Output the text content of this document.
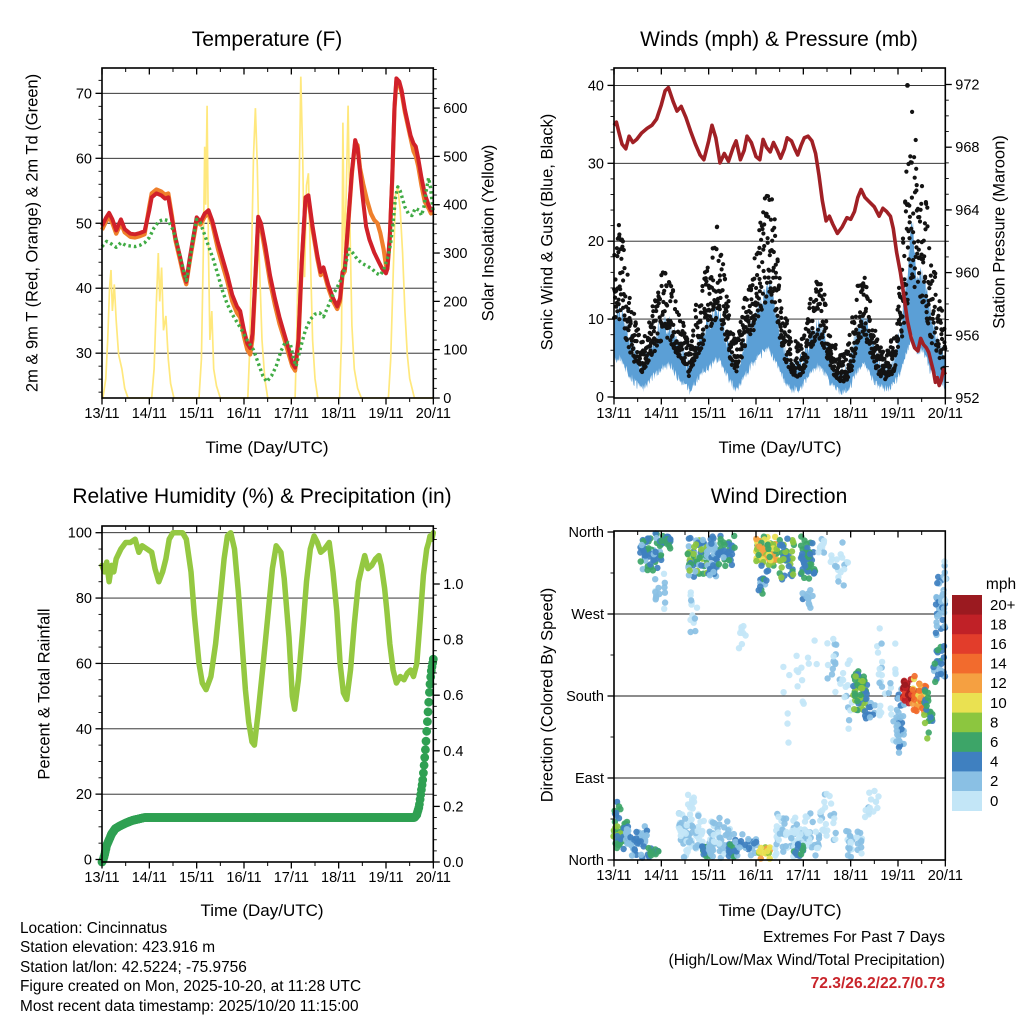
13/11 14/11 15/11 16/11 17/11 18/11 19/11 20/11
30
40
50
60
70
0
100
200
300
400
500
600
13/11 14/11 15/11 16/11 17/11 18/11 19/11 20/11
0
10
20
30
40
952
956
960
964
968
972
13/11 14/11 15/11 16/11 17/11 18/11 19/11 20/11
0
20
40
60
80
100
0.0
0.2
0.4
0.6
0.8
1.0
13/11 14/11 15/11 16/11 17/11 18/11 19/11 20/11
North
West
South
East
North
mph
20+
18
16
14
12
10
8
6
4
2
0
Temperature (F)	Winds (mph) & Pressure (mb)
Relative Humidity (%) & Precipitation (in)	Wind Direction
Time (Day/UTC)	Time (Day/UTC)
Time (Day/UTC)	Time (Day/UTC)
2m & 9m T (Red, Orange) & 2m Td (Green)	Solar Insolation (Yellow) Sonic Wind & Gust (Blue, Black)	Station Pressure (Maroon)
Percent & Total Rainfall	Direction (Colored By Speed)
Location: Cincinnatus
Station elevation: 423.916 m
Station lat/lon: 42.5224; -75.9756
Figure created on Mon, 2025-10-20, at 11:28 UTC
Most recent data timestamp: 2025/10/20 11:15:00
Extremes For Past 7 Days
(High/Low/Max Wind/Total Precipitation)
72.3/26.2/22.7/0.73
